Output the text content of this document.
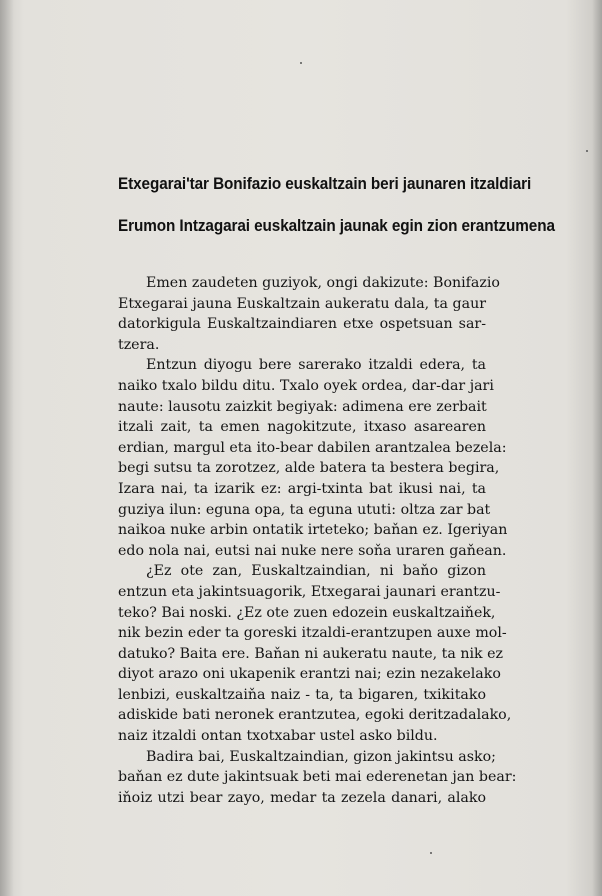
Etxegarai'tar Bonifazio euskaltzain beri jaunaren itzaldiari
Erumon Intzagarai euskaltzain jaunak egin zion erantzumena
Emen zaudeten guziyok, ongi dakizute: Bonifazio
Etxegarai jauna Euskaltzain aukeratu dala, ta gaur
datorkigula Euskaltzaindiaren etxe ospetsuan sar-
tzera.
Entzun diyogu bere sarerako itzaldi edera, ta
naiko txalo bildu ditu. Txalo oyek ordea, dar-dar jari
naute: lausotu zaizkit begiyak: adimena ere zerbait
itzali zait, ta emen nagokitzute, itxaso asarearen
erdian, margul eta ito-bear dabilen arantzalea bezela:
begi sutsu ta zorotzez, alde batera ta bestera begira,
Izara nai, ta izarik ez: argi-txinta bat ikusi nai, ta
guziya ilun: eguna opa, ta eguna ututi: oltza zar bat
naikoa nuke arbin ontatik irteteko; baňan ez. Igeriyan
edo nola nai, eutsi nai nuke nere soňa uraren gaňean.
¿Ez ote zan, Euskaltzaindian, ni baňo gizon
entzun eta jakintsuagorik, Etxegarai jaunari erantzu-
teko? Bai noski. ¿Ez ote zuen edozein euskaltzaiňek,
nik bezin eder ta goreski itzaldi-erantzupen auxe mol-
datuko? Baita ere. Baňan ni aukeratu naute, ta nik ez
diyot arazo oni ukapenik erantzi nai; ezin nezakelako
lenbizi, euskaltzaiňa naiz - ta, ta bigaren, txikitako
adiskide bati neronek erantzutea, egoki deritzadalako,
naiz itzaldi ontan txotxabar ustel asko bildu.
Badira bai, Euskaltzaindian, gizon jakintsu asko;
baňan ez dute jakintsuak beti mai ederenetan jan bear:
iňoiz utzi bear zayo, medar ta zezela danari, alako
